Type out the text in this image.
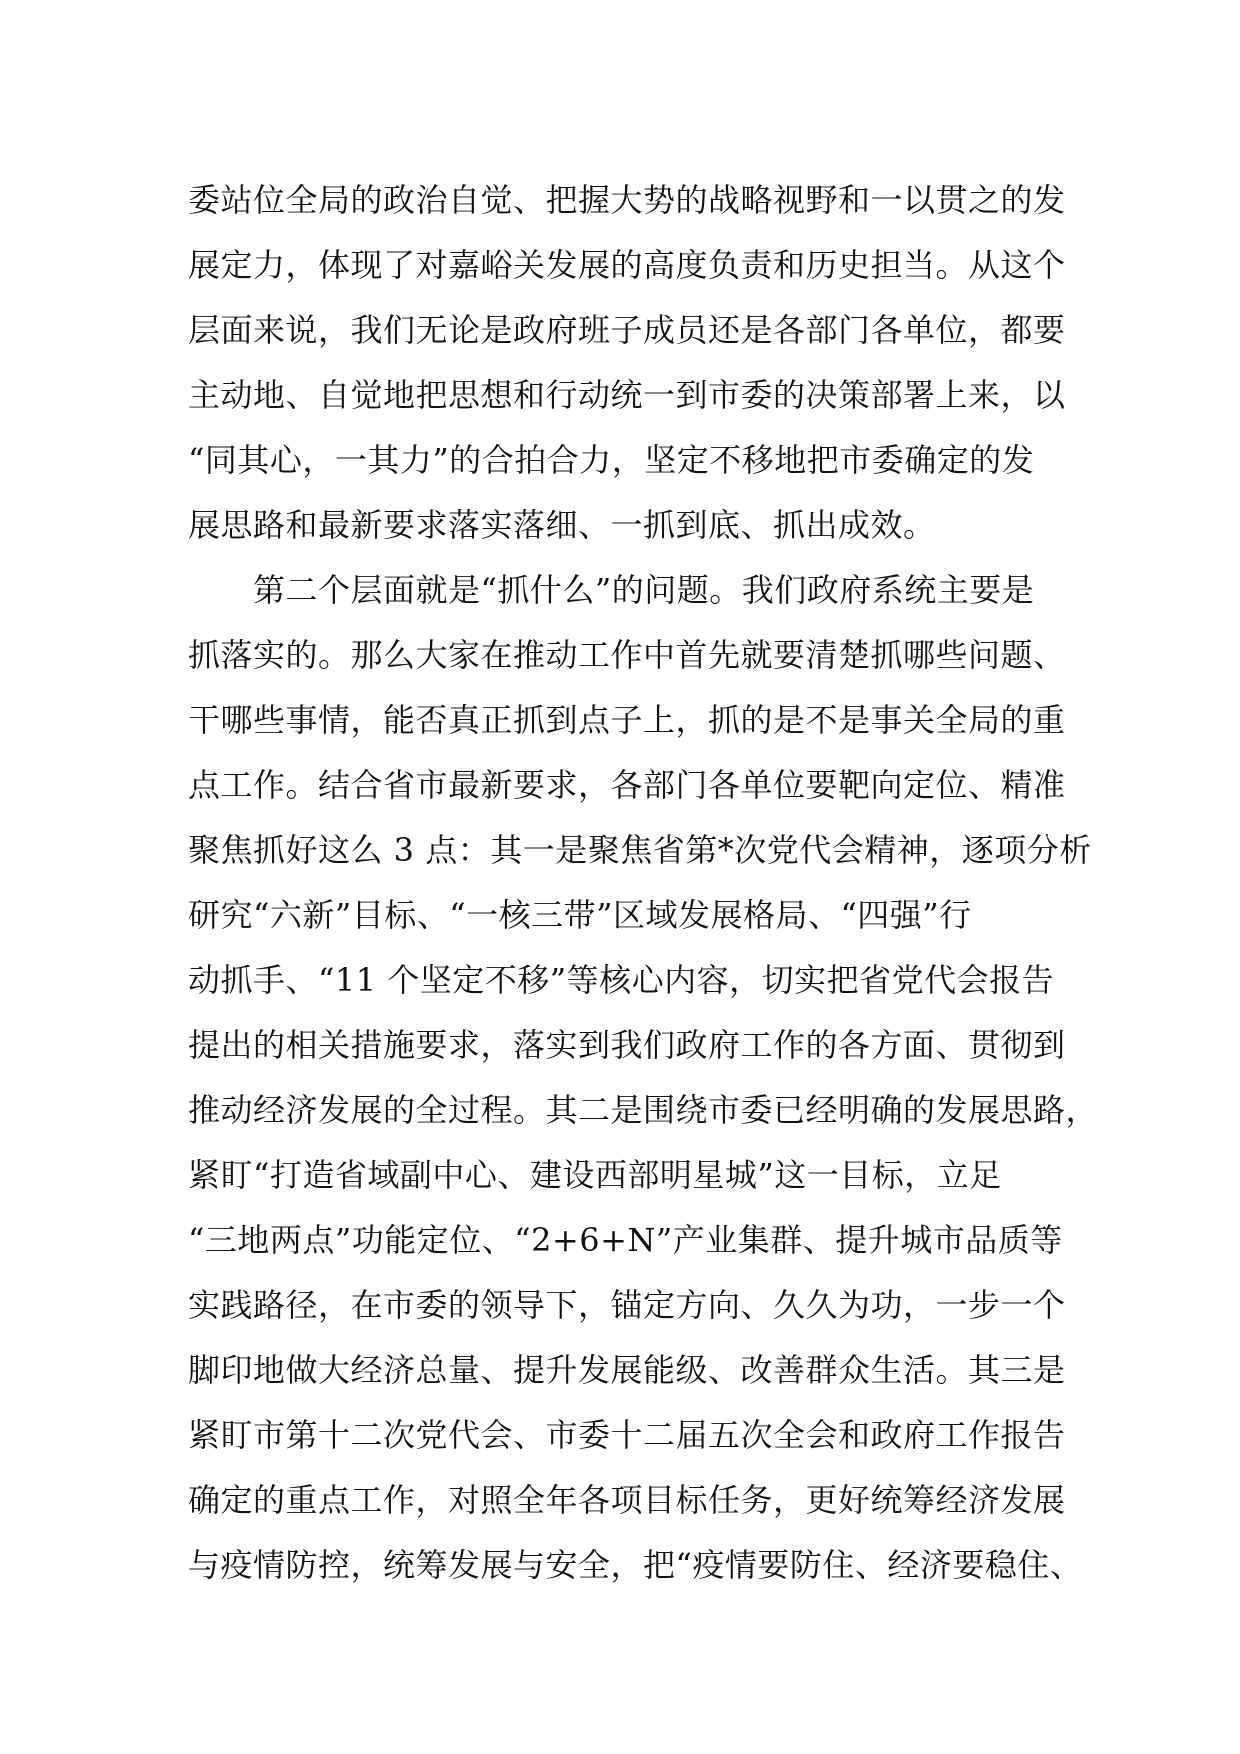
委站位全局的政治自觉、把握大势的战略视野和一以贯之的发
展定力，体现了对嘉峪关发展的高度负责和历史担当。从这个
层面来说，我们无论是政府班子成员还是各部门各单位，都要
主动地、自觉地把思想和行动统一到市委的决策部署上来，以
“同其心，一其力”的合拍合力，坚定不移地把市委确定的发
展思路和最新要求落实落细、一抓到底、抓出成效。
　　第二个层面就是“抓什么”的问题。我们政府系统主要是
抓落实的。那么大家在推动工作中首先就要清楚抓哪些问题、
干哪些事情，能否真正抓到点子上，抓的是不是事关全局的重
点工作。结合省市最新要求，各部门各单位要靶向定位、精准
聚焦抓好这么 3 点：其一是聚焦省第*次党代会精神，逐项分析
研究“六新”目标、“一核三带”区域发展格局、“四强”行
动抓手、“11 个坚定不移”等核心内容，切实把省党代会报告
提出的相关措施要求，落实到我们政府工作的各方面、贯彻到
推动经济发展的全过程。其二是围绕市委已经明确的发展思路，
紧盯“打造省域副中心、建设西部明星城”这一目标，立足
“三地两点”功能定位、“2+6+N”产业集群、提升城市品质等
实践路径，在市委的领导下，锚定方向、久久为功，一步一个
脚印地做大经济总量、提升发展能级、改善群众生活。其三是
紧盯市第十二次党代会、市委十二届五次全会和政府工作报告
确定的重点工作，对照全年各项目标任务，更好统筹经济发展
与疫情防控，统筹发展与安全，把“疫情要防住、经济要稳住、
